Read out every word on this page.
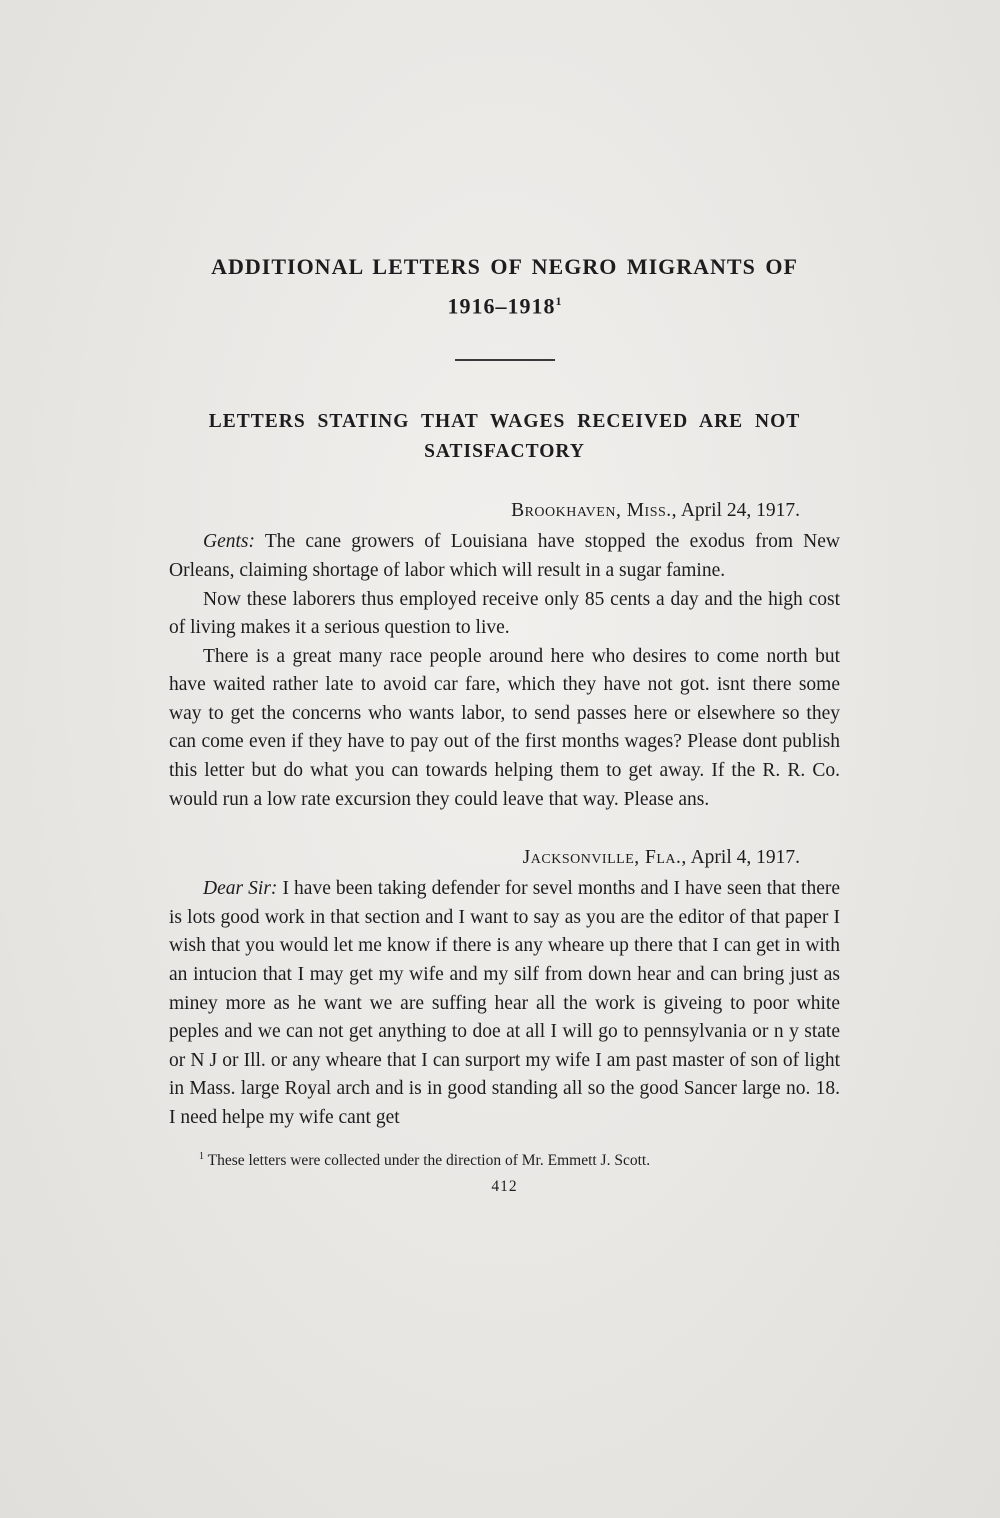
ADDITIONAL LETTERS OF NEGRO MIGRANTS OF
1916–1918$^1$
LETTERS STATING THAT WAGES RECEIVED ARE NOT
SATISFACTORY

Brookhaven, Miss., April 24, 1917.

Gents: The cane growers of Louisiana have stopped the exodus from New Orleans, claiming shortage of labor which will result in a sugar famine.

Now these laborers thus employed receive only 85 cents a day and the high cost of living makes it a serious question to live.

There is a great many race people around here who desires to come north but have waited rather late to avoid car fare, which they have not got. isnt there some way to get the concerns who wants labor, to send passes here or elsewhere so they can come even if they have to pay out of the first months wages? Please dont publish this letter but do what you can towards helping them to get away. If the R. R. Co. would run a low rate excursion they could leave that way. Please ans.

Jacksonville, Fla., April 4, 1917.

Dear Sir: I have been taking defender for sevel months and I have seen that there is lots good work in that section and I want to say as you are the editor of that paper I wish that you would let me know if there is any wheare up there that I can get in with an intucion that I may get my wife and my silf from down hear and can bring just as miney more as he want we are suffing hear all the work is giveing to poor white peples and we can not get anything to doe at all I will go to pennsylvania or n y state or N J or Ill. or any wheare that I can surport my wife I am past master of son of light in Mass. large Royal arch and is in good standing all so the good Sancer large no. 18. I need helpe my wife cant get

$^1$ These letters were collected under the direction of Mr. Emmett J. Scott.

412
